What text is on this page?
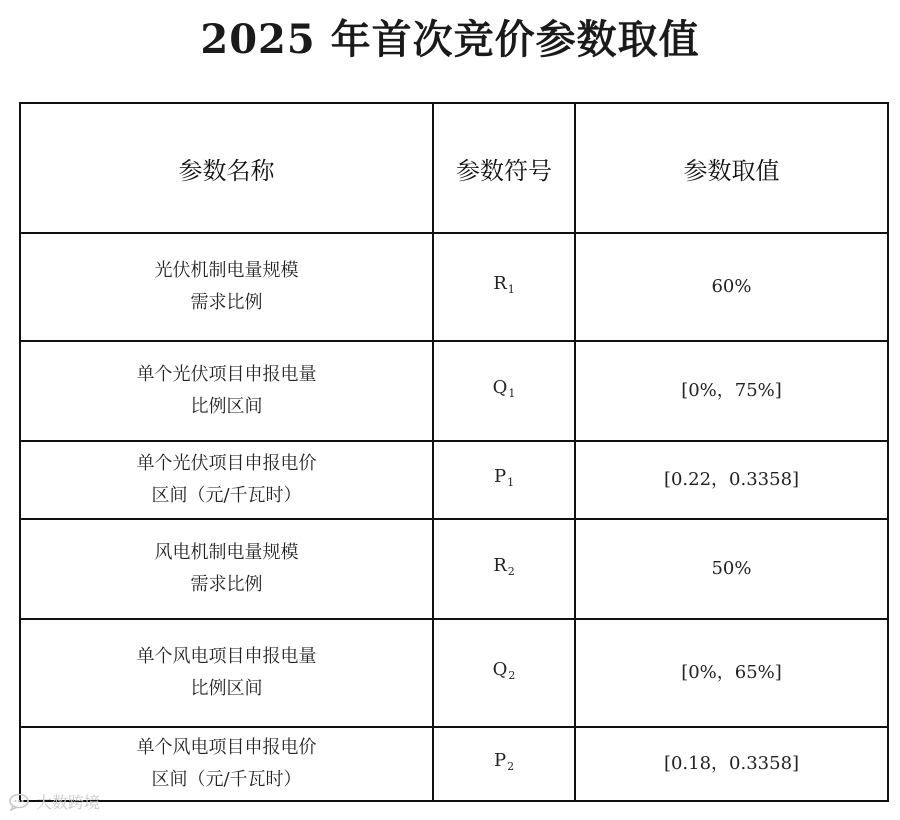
2025 年首次竞价参数取值
参数名称	参数符号	参数取值

光伏机制电量规模
需求比例	$R_1$	60%

单个光伏项目申报电量
比例区间	$Q_1$	[0%，75%]

单个光伏项目申报电价
区间（元/千瓦时）	$P_1$	[0.22，0.3358]

风电机制电量规模
需求比例	$R_2$	50%

单个风电项目申报电量
比例区间	$Q_2$	[0%，65%]

单个风电项目申报电价
区间（元/千瓦时）	$P_2$	[0.18，0.3358]
大数跨境
